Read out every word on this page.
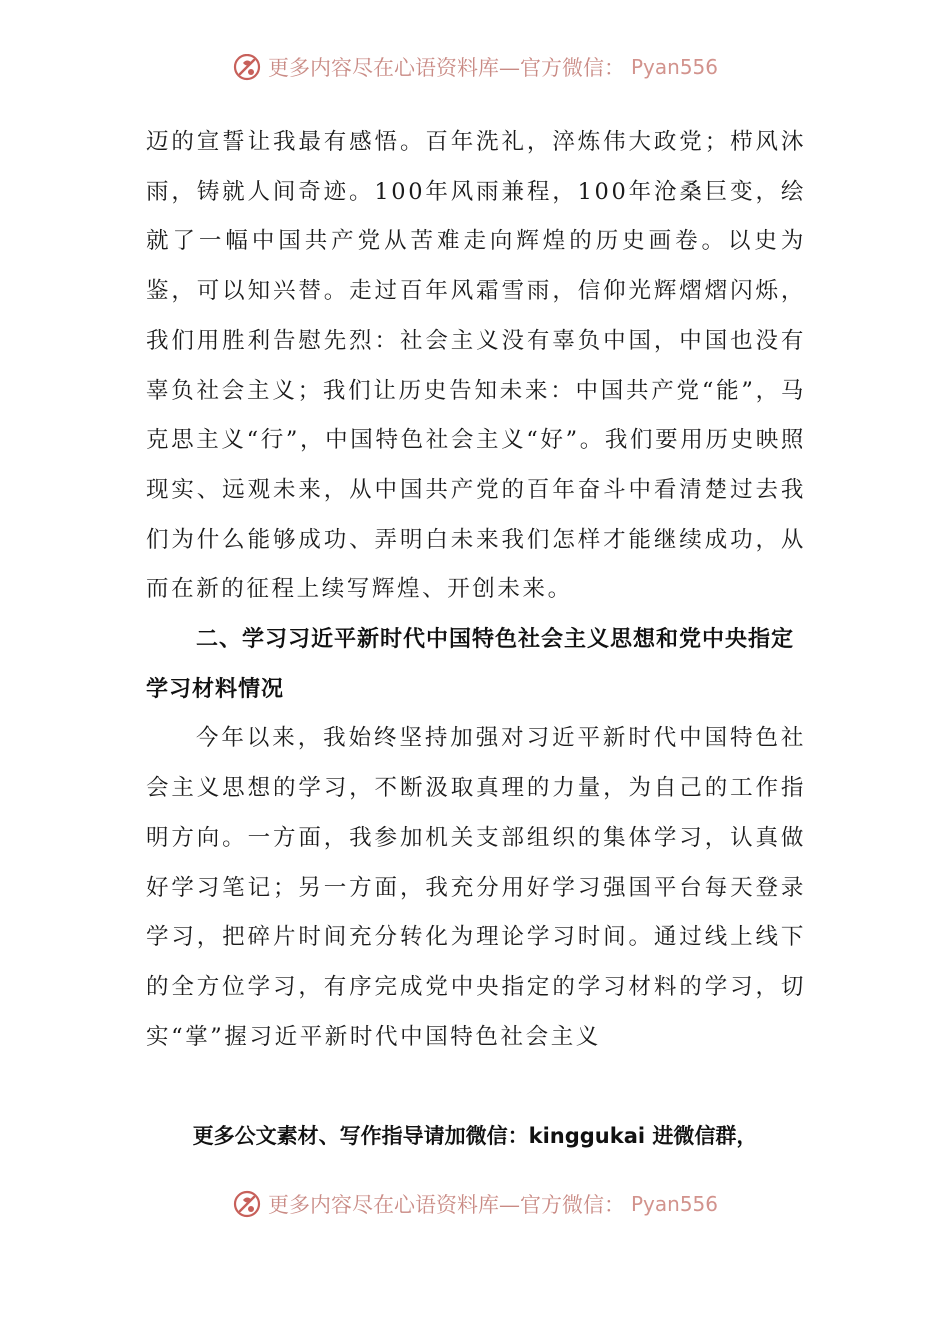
更多内容尽在心语资料库—官方微信： Pyan556

迈的宣誓让我最有感悟。百年洗礼，淬炼伟大政党；栉风沐雨，铸就人间奇迹。100年风雨兼程，100年沧桑巨变，绘就了一幅中国共产党从苦难走向辉煌的历史画卷。以史为鉴，可以知兴替。走过百年风霜雪雨，信仰光辉熠熠闪烁，我们用胜利告慰先烈：社会主义没有辜负中国，中国也没有辜负社会主义；我们让历史告知未来：中国共产党“能”，马克思主义“行”，中国特色社会主义“好”。我们要用历史映照现实、远观未来，从中国共产党的百年奋斗中看清楚过去我们为什么能够成功、弄明白未来我们怎样才能继续成功，从而在新的征程上续写辉煌、开创未来。

二、学习习近平新时代中国特色社会主义思想和党中央指定学习材料情况

今年以来，我始终坚持加强对习近平新时代中国特色社会主义思想的学习，不断汲取真理的力量，为自己的工作指明方向。一方面，我参加机关支部组织的集体学习，认真做好学习笔记；另一方面，我充分用好学习强国平台每天登录学习，把碎片时间充分转化为理论学习时间。通过线上线下的全方位学习，有序完成党中央指定的学习材料的学习，切实“掌”握习近平新时代中国特色社会主义

更多公文素材、写作指导请加微信：kinggukai 进微信群，
更多内容尽在心语资料库—官方微信： Pyan556
